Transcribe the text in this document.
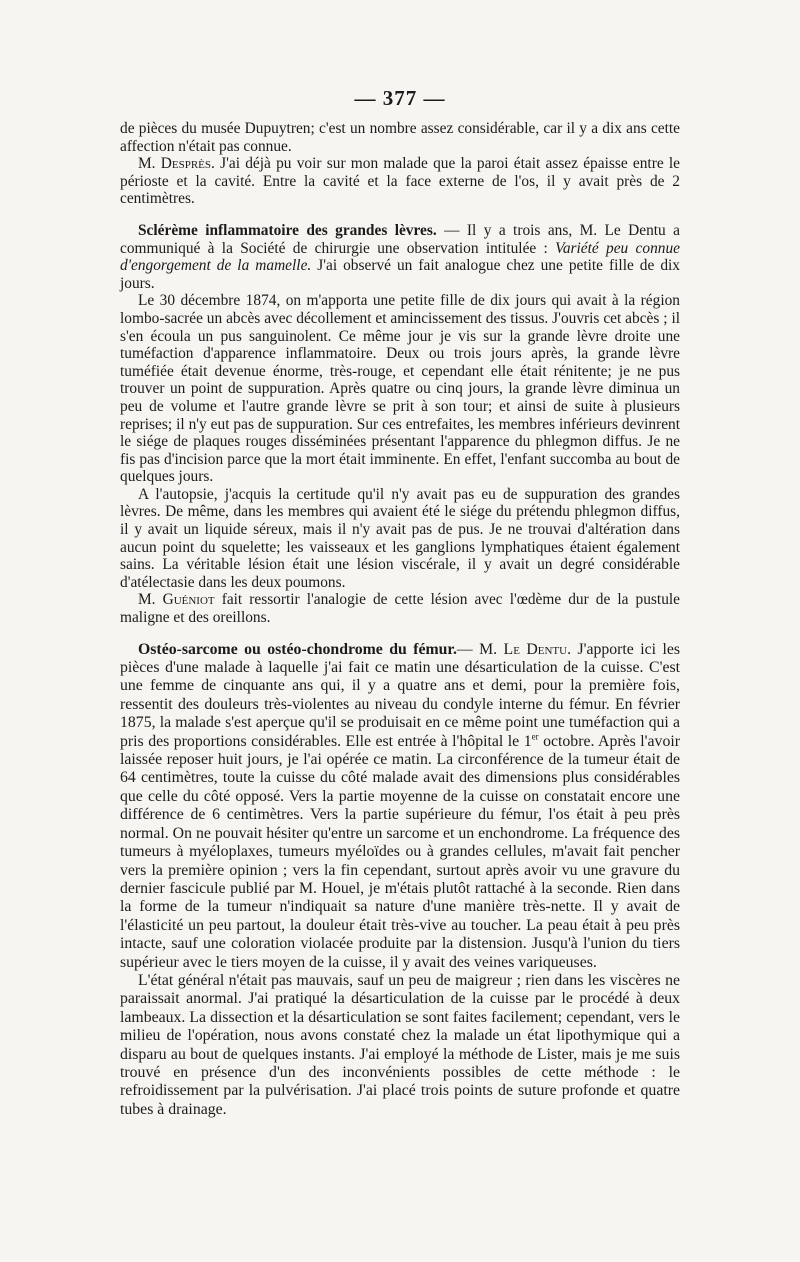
— 377 —

de pièces du musée Dupuytren; c'est un nombre assez considérable, car il y a dix ans cette affection n'était pas connue.

M. Desprès. J'ai déjà pu voir sur mon malade que la paroi était assez épaisse entre le périoste et la cavité. Entre la cavité et la face externe de l'os, il y avait près de 2 centimètres.

Sclérème inflammatoire des grandes lèvres. — Il y a trois ans, M. Le Dentu a communiqué à la Société de chirurgie une observation intitulée : Variété peu connue d'engorgement de la mamelle. J'ai observé un fait analogue chez une petite fille de dix jours.

Le 30 décembre 1874, on m'apporta une petite fille de dix jours qui avait à la région lombo-sacrée un abcès avec décollement et amincissement des tissus. J'ouvris cet abcès ; il s'en écoula un pus sanguinolent. Ce même jour je vis sur la grande lèvre droite une tuméfaction d'apparence inflammatoire. Deux ou trois jours après, la grande lèvre tuméfiée était devenue énorme, très-rouge, et cependant elle était rénitente; je ne pus trouver un point de suppuration. Après quatre ou cinq jours, la grande lèvre diminua un peu de volume et l'autre grande lèvre se prit à son tour; et ainsi de suite à plusieurs reprises; il n'y eut pas de suppuration. Sur ces entrefaites, les membres inférieurs devinrent le siége de plaques rouges disséminées présentant l'apparence du phlegmon diffus. Je ne fis pas d'incision parce que la mort était imminente. En effet, l'enfant succomba au bout de quelques jours.

A l'autopsie, j'acquis la certitude qu'il n'y avait pas eu de suppuration des grandes lèvres. De même, dans les membres qui avaient été le siége du prétendu phlegmon diffus, il y avait un liquide séreux, mais il n'y avait pas de pus. Je ne trouvai d'altération dans aucun point du squelette; les vaisseaux et les ganglions lymphatiques étaient également sains. La véritable lésion était une lésion viscérale, il y avait un degré considérable d'atélectasie dans les deux poumons.

M. Guéniot fait ressortir l'analogie de cette lésion avec l'œdème dur de la pustule maligne et des oreillons.

Ostéo-sarcome ou ostéo-chondrome du fémur.— M. Le Dentu. J'apporte ici les pièces d'une malade à laquelle j'ai fait ce matin une désarticulation de la cuisse. C'est une femme de cinquante ans qui, il y a quatre ans et demi, pour la première fois, ressentit des douleurs très-violentes au niveau du condyle interne du fémur. En février 1875, la malade s'est aperçue qu'il se produisait en ce même point une tuméfaction qui a pris des proportions considérables. Elle est entrée à l'hôpital le 1er octobre. Après l'avoir laissée reposer huit jours, je l'ai opérée ce matin. La circonférence de la tumeur était de 64 centimètres, toute la cuisse du côté malade avait des dimensions plus considérables que celle du côté opposé. Vers la partie moyenne de la cuisse on constatait encore une différence de 6 centimètres. Vers la partie supérieure du fémur, l'os était à peu près normal. On ne pouvait hésiter qu'entre un sarcome et un enchondrome. La fréquence des tumeurs à myéloplaxes, tumeurs myéloïdes ou à grandes cellules, m'avait fait pencher vers la première opinion ; vers la fin cependant, surtout après avoir vu une gravure du dernier fascicule publié par M. Houel, je m'étais plutôt rattaché à la seconde. Rien dans la forme de la tumeur n'indiquait sa nature d'une manière très-nette. Il y avait de l'élasticité un peu partout, la douleur était très-vive au toucher. La peau était à peu près intacte, sauf une coloration violacée produite par la distension. Jusqu'à l'union du tiers supérieur avec le tiers moyen de la cuisse, il y avait des veines variqueuses.

L'état général n'était pas mauvais, sauf un peu de maigreur ; rien dans les viscères ne paraissait anormal. J'ai pratiqué la désarticulation de la cuisse par le procédé à deux lambeaux. La dissection et la désarticulation se sont faites facilement; cependant, vers le milieu de l'opération, nous avons constaté chez la malade un état lipothymique qui a disparu au bout de quelques instants. J'ai employé la méthode de Lister, mais je me suis trouvé en présence d'un des inconvénients possibles de cette méthode : le refroidissement par la pulvérisation. J'ai placé trois points de suture profonde et quatre tubes à drainage.
